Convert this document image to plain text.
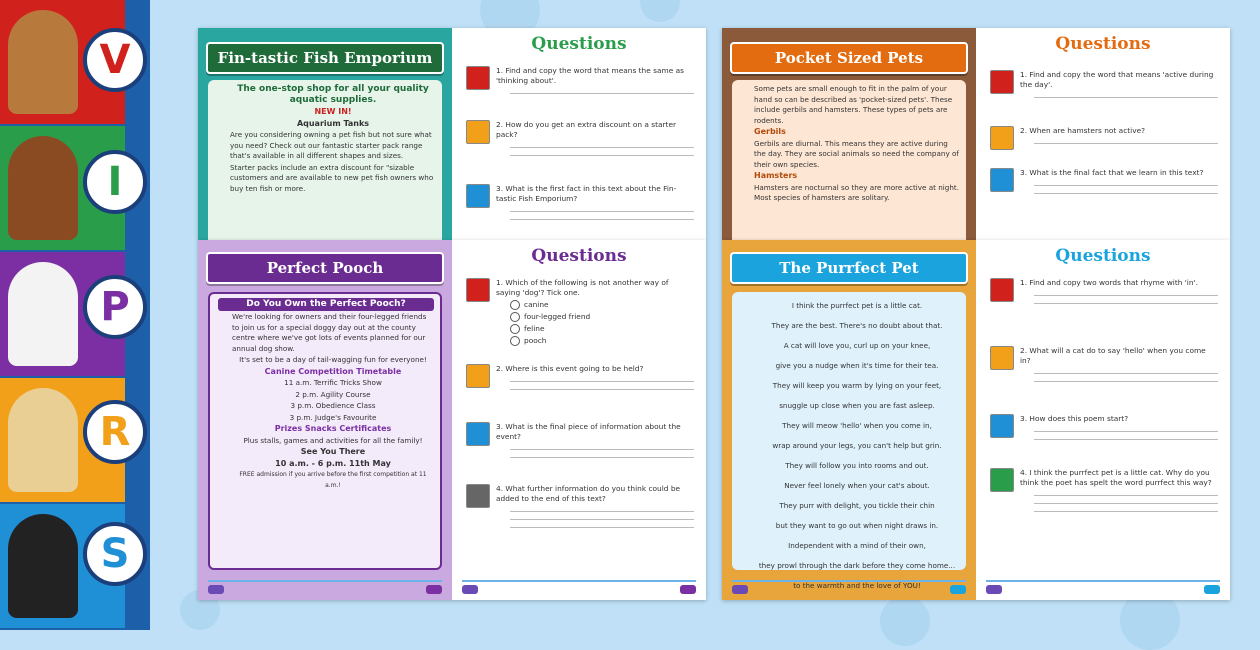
V
I
P
R
S
Fin-tastic Fish Emporium

The one-stop shop for all your quality aquatic supplies.

NEW IN!

Aquarium Tanks

Are you considering owning a pet fish but not sure what you need? Check out our fantastic starter pack range that's available in all different shapes and sizes.

Starter packs include an extra discount for "sizable customers and are available to new pet fish owners who buy ten fish or more.

Questions
1. Find and copy the word that means the same as 'thinking about'.
2. How do you get an extra discount on a starter pack?
3. What is the first fact in this text about the Fin-tastic Fish Emporium?
Perfect Pooch

Do You Own the Perfect Pooch?

We're looking for owners and their four-legged friends to join us for a special doggy day out at the county centre where we've got lots of events planned for our annual dog show.

It's set to be a day of tail-wagging fun for everyone!

Canine Competition Timetable

11 a.m. Terrific Tricks Show

2 p.m. Agility Course

3 p.m. Obedience Class

3 p.m. Judge's Favourite

Prizes Snacks Certificates

Plus stalls, games and activities for all the family!

See You There

10 a.m. - 6 p.m. 11th May

FREE admission if you arrive before the first competition at 11 a.m.!

Questions
1. Which of the following is not another way of saying 'dog'? Tick one.
canine
four-legged friend
feline
pooch
2. Where is this event going to be held?
3. What is the final piece of information about the event?
4. What further information do you think could be added to the end of this text?
Pocket Sized Pets

Some pets are small enough to fit in the palm of your hand so can be described as 'pocket-sized pets'. These include gerbils and hamsters. These types of pets are rodents.

Gerbils

Gerbils are diurnal. This means they are active during the day. They are social animals so need the company of their own species.

Hamsters

Hamsters are nocturnal so they are more active at night. Most species of hamsters are solitary.

Questions
1. Find and copy the word that means 'active during the day'.
2. When are hamsters not active?
3. What is the final fact that we learn in this text?
The Purrfect Pet

I think the purrfect pet is a little cat.

They are the best. There's no doubt about that.

A cat will love you, curl up on your knee,

give you a nudge when it's time for their tea.

They will keep you warm by lying on your feet,

snuggle up close when you are fast asleep.

They will meow 'hello' when you come in,

wrap around your legs, you can't help but grin.

They will follow you into rooms and out.

Never feel lonely when your cat's about.

They purr with delight, you tickle their chin

but they want to go out when night draws in.

Independent with a mind of their own,

they prowl through the dark before they come home...

to the warmth and the love of YOU!

Questions
1. Find and copy two words that rhyme with 'in'.
2. What will a cat do to say 'hello' when you come in?
3. How does this poem start?
4. I think the purrfect pet is a little cat. Why do you think the poet has spelt the word purrfect this way?
